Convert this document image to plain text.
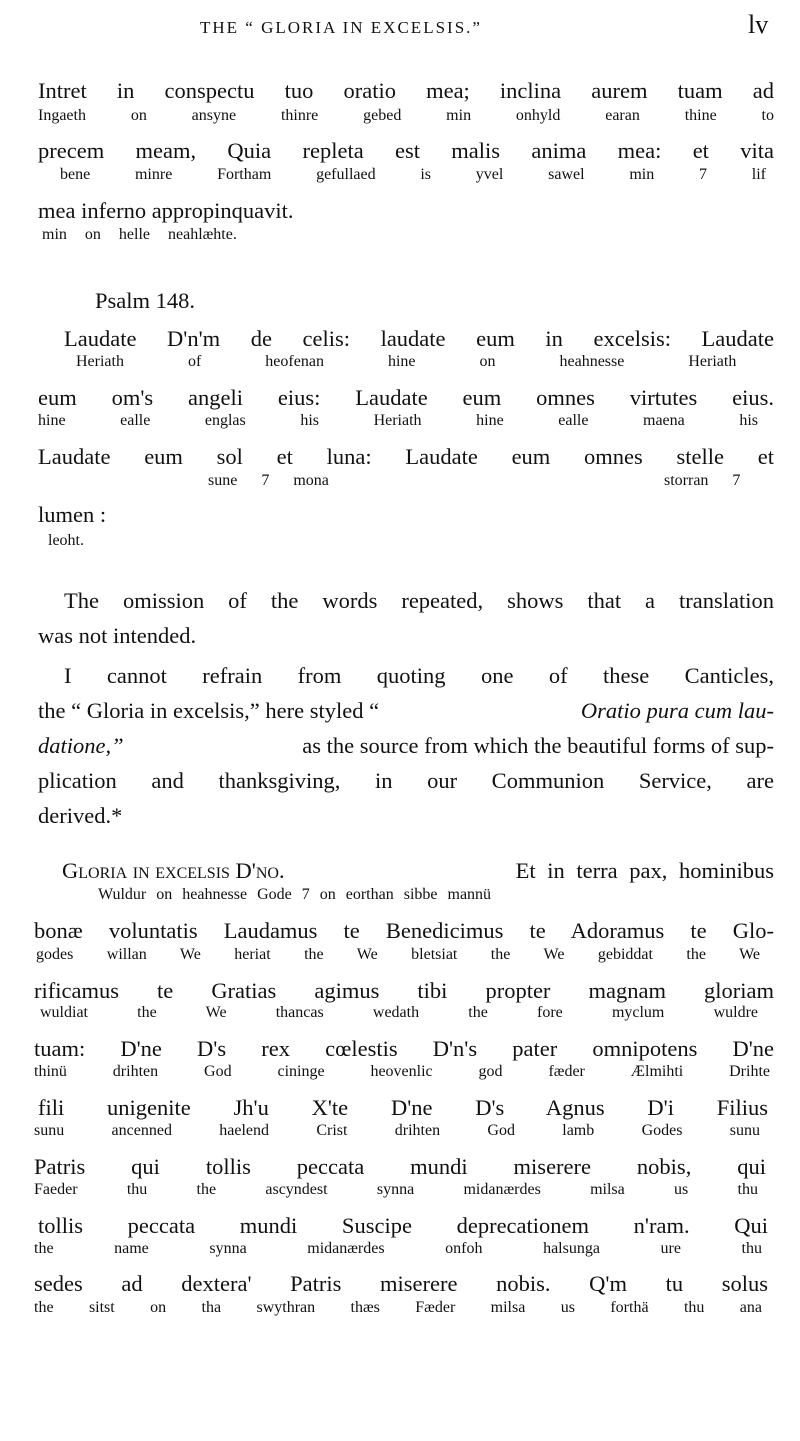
THE “ GLORIA IN EXCELSIS.”	lv
Intret in conspectu tuo oratio mea; inclina aurem tuam ad
Ingaeth on ansyne thinre gebed min onhyld earan thine to
precem meam, Quia repleta est malis anima mea: et vita
bene minre Fortham gefullaed is yvel sawel min 7 lif
mea inferno appropinquavit.
min on helle neahlæhte.
Psalm 148.
Laudate D'n'm de celis: laudate eum in excelsis: Laudate
Heriath of heofenan hine on heahnesse Heriath
eum om's angeli eius: Laudate eum omnes virtutes eius.
hine ealle englas his Heriath hine ealle maena his
Laudate eum sol et luna: Laudate eum omnes stelle et
sune 7 mona	storran 7
lumen :
leoht.
The omission of the words repeated, shows that a translation
was not intended.
I cannot refrain from quoting one of these Canticles,
the “ Gloria in excelsis,” here styled “	Oratio pura cum lau-
datione,”	as the source from which the beautiful forms of sup-
plication and thanksgiving, in our Communion Service, are
derived.*
Gloria in excelsis D'no.	Et in terra pax, hominibus
Wuldur on heahnesse Gode 7 on eorthan sibbe mannü
bonæ voluntatis Laudamus te Benedicimus te Adoramus te Glo-
godes willan We heriat the We bletsiat the We gebiddat the We
rificamus te Gratias agimus tibi propter magnam gloriam
wuldiat the We thancas wedath the fore myclum wuldre
tuam: D'ne D's rex cœlestis D'n's pater omnipotens D'ne
thinü drihten God cininge heovenlic god fæder Ælmihti Drihte
fili unigenite Jh'u X'te D'ne D's Agnus D'i Filius
sunu ancenned haelend Crist drihten God lamb Godes sunu
Patris qui tollis peccata mundi miserere nobis, qui
Faeder thu the ascyndest synna midanærdes milsa us thu
tollis peccata mundi Suscipe deprecationem n'ram. Qui
the name synna midanærdes onfoh halsunga ure thu
sedes ad dextera' Patris miserere nobis. Q'm tu solus
the sitst on tha swythran thæs Fæder milsa us forthä thu ana
